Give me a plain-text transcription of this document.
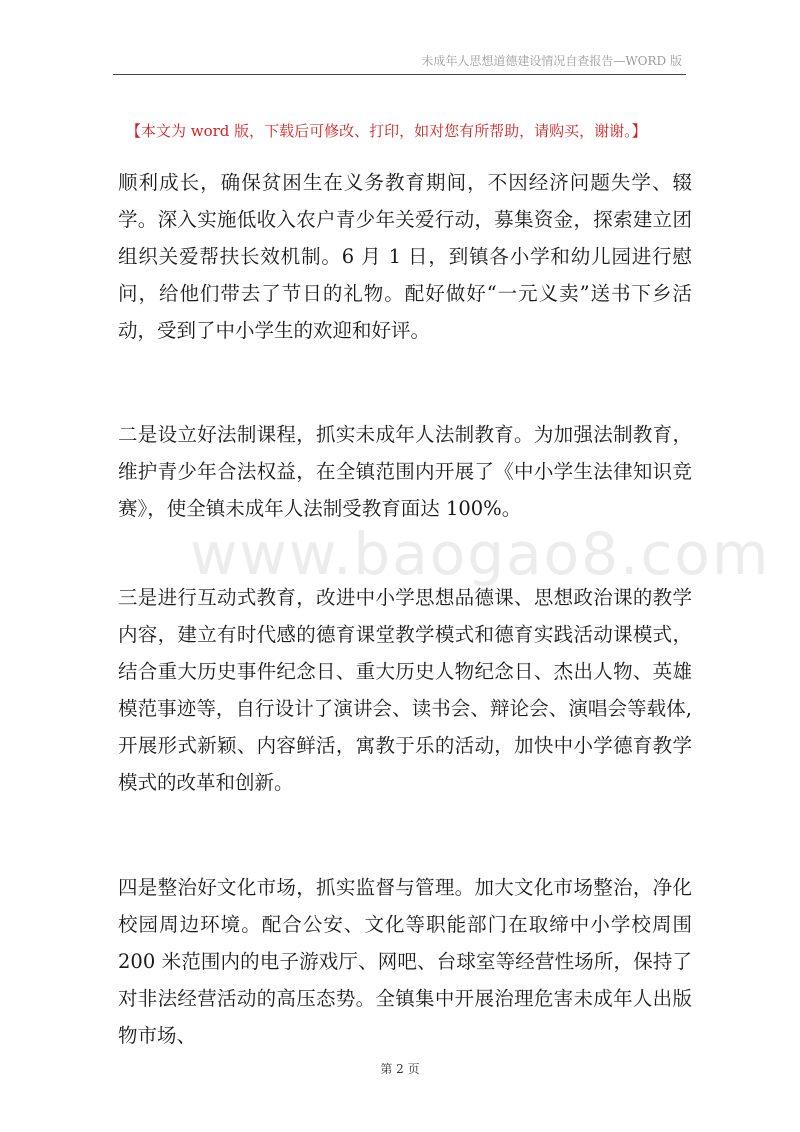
未成年人思想道德建设情况自查报告—WORD 版
【本文为 word 版，下载后可修改、打印，如对您有所帮助，请购买，谢谢。】
www.baogao8.com

顺利成长，确保贫困生在义务教育期间，不因经济问题失学、辍学。深入实施低收入农户青少年关爱行动，募集资金，探索建立团组织关爱帮扶长效机制。6 月 1 日，到镇各小学和幼儿园进行慰问，给他们带去了节日的礼物。配好做好“一元义卖”送书下乡活动，受到了中小学生的欢迎和好评。

二是设立好法制课程，抓实未成年人法制教育。为加强法制教育，维护青少年合法权益，在全镇范围内开展了《中小学生法律知识竞赛》，使全镇未成年人法制受教育面达 100%。

三是进行互动式教育，改进中小学思想品德课、思想政治课的教学内容，建立有时代感的德育课堂教学模式和德育实践活动课模式，结合重大历史事件纪念日、重大历史人物纪念日、杰出人物、英雄模范事迹等，自行设计了演讲会、读书会、辩论会、演唱会等载体,开展形式新颖、内容鲜活，寓教于乐的活动，加快中小学德育教学模式的改革和创新。

四是整治好文化市场，抓实监督与管理。加大文化市场整治，净化校园周边环境。配合公安、文化等职能部门在取缔中小学校周围 200 米范围内的电子游戏厅、网吧、台球室等经营性场所，保持了对非法经营活动的高压态势。全镇集中开展治理危害未成年人出版物市场、

第 2 页
